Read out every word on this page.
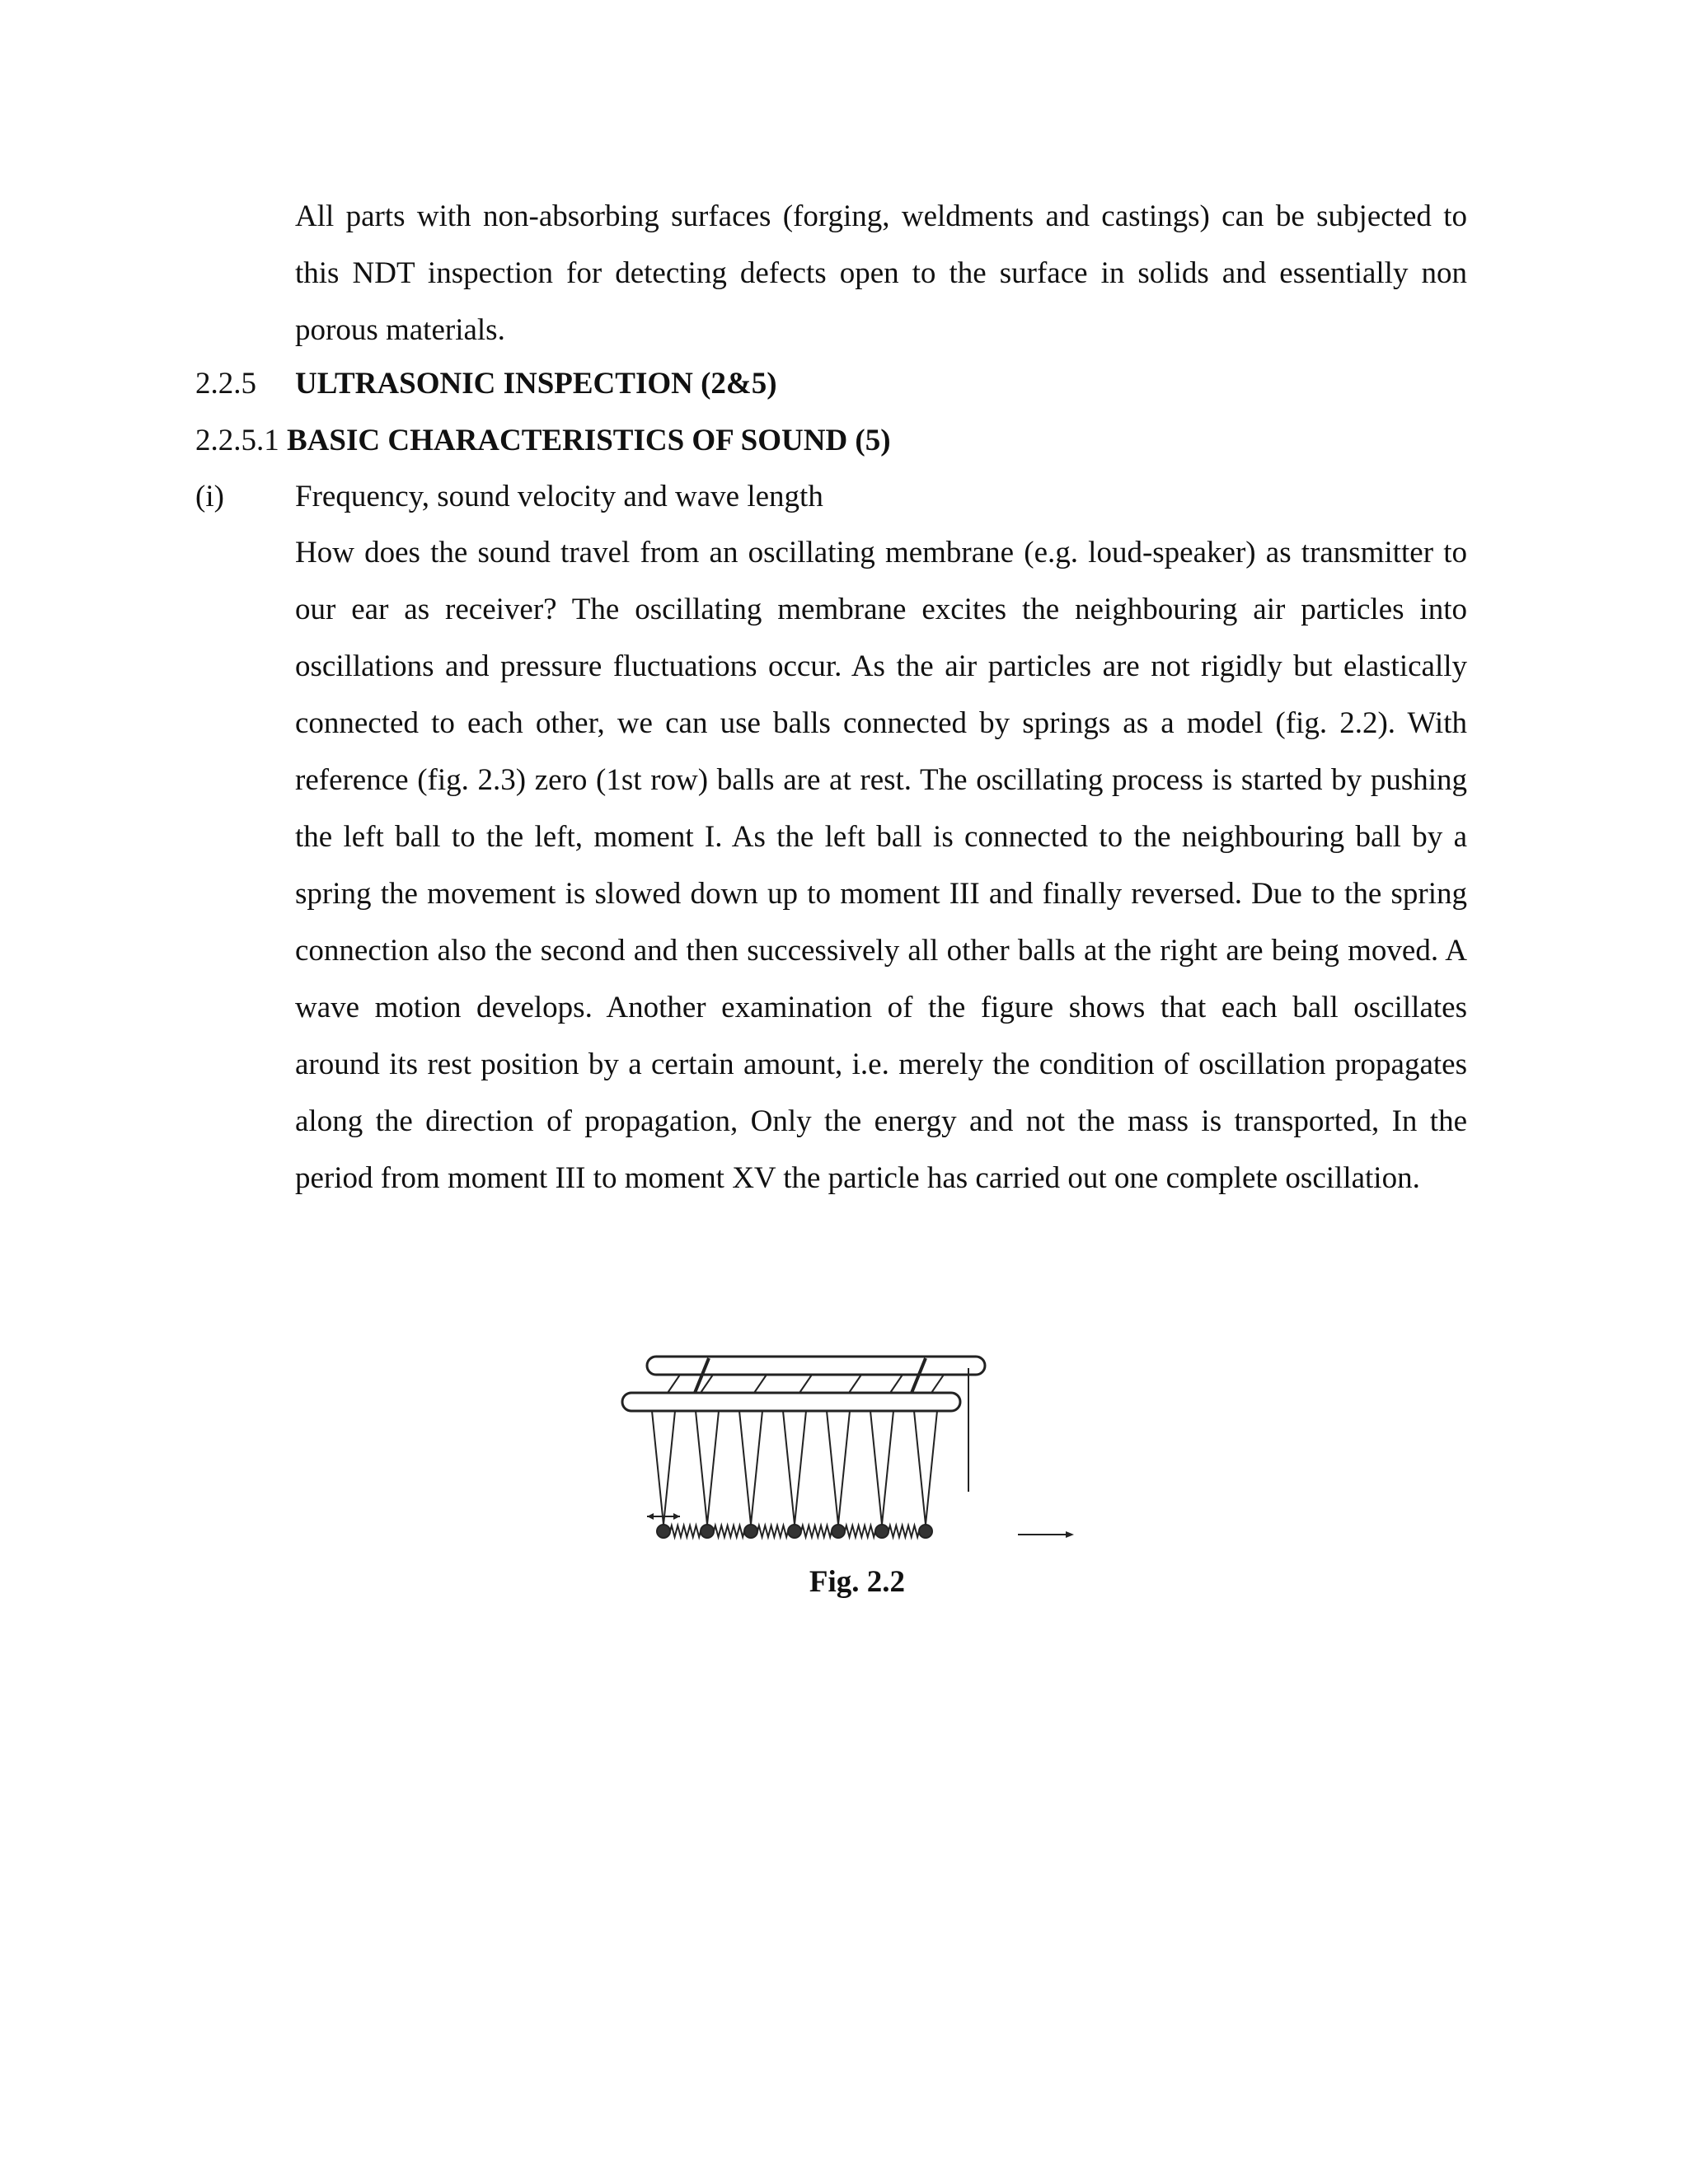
All parts with non-absorbing surfaces (forging, weldments and castings) can be subjected to this NDT inspection for detecting defects open to the surface in solids and essentially non porous materials.

2.2.5 ULTRASONIC INSPECTION (2&5)

2.2.5.1 BASIC CHARACTERISTICS OF SOUND (5)

(i) Frequency, sound velocity and wave length

How does the sound travel from an oscillating membrane (e.g. loud-speaker) as transmitter to our ear as receiver? The oscillating membrane excites the neighbouring air particles into oscillations and pressure fluctuations occur. As the air particles are not rigidly but elastically connected to each other, we can use balls connected by springs as a model (fig. 2.2). With reference (fig. 2.3) zero (1st row) balls are at rest. The oscillating process is started by pushing the left ball to the left, moment I. As the left ball is connected to the neighbouring ball by a spring the movement is slowed down up to moment III and finally reversed. Due to the spring connection also the second and then successively all other balls at the right are being moved. A wave motion develops. Another examination of the figure shows that each ball oscillates around its rest position by a certain amount, i.e. merely the condition of oscillation propagates along the direction of propagation, Only the energy and not the mass is transported, In the period from moment III to moment XV the particle has carried out one complete oscillation.

Fig. 2.2
